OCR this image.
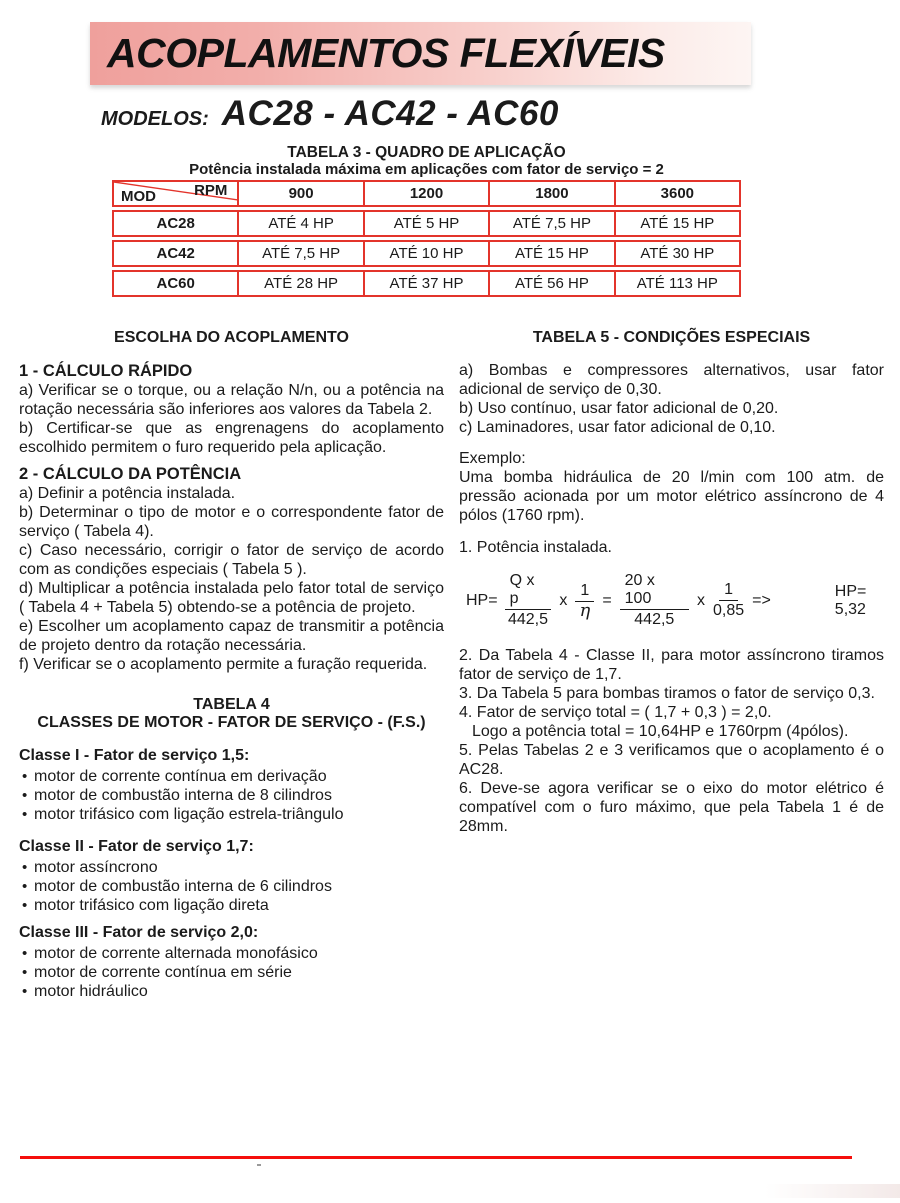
ACOPLAMENTOS FLEXÍVEIS
MODELOS: AC28 - AC42 - AC60
TABELA 3 - QUADRO DE APLICAÇÃO
Potência instalada máxima em aplicações com fator de serviço = 2
RPM
MOD	900	1200	1800	3600
AC28	ATÉ 4 HP	ATÉ 5 HP	ATÉ 7,5 HP	ATÉ 15 HP
AC42	ATÉ 7,5 HP	ATÉ 10 HP	ATÉ 15 HP	ATÉ 30 HP
AC60	ATÉ 28 HP	ATÉ 37 HP	ATÉ 56 HP	ATÉ 113 HP
ESCOLHA DO ACOPLAMENTO
1 - CÁLCULO RÁPIDO
a) Verificar se o torque, ou a relação N/n, ou a potência na rotação necessária são inferiores aos valores da Tabela 2.
b) Certificar-se que as engrenagens do acoplamento escolhido permitem o furo requerido pela aplicação.
2 - CÁLCULO DA POTÊNCIA
a) Definir a potência instalada.
b) Determinar o tipo de motor e o correspondente fator de serviço ( Tabela 4).
c) Caso necessário, corrigir o fator de serviço de acordo com as condições especiais ( Tabela 5 ).
d) Multiplicar a potência instalada pelo fator total de serviço ( Tabela 4 + Tabela 5) obtendo-se a potência de projeto.
e) Escolher um acoplamento capaz de transmitir a potência de projeto dentro da rotação necessária.
f) Verificar se o acoplamento permite a furação requerida.
TABELA 4
CLASSES DE MOTOR - FATOR DE SERVIÇO - (F.S.)
Classe I - Fator de serviço 1,5:
• motor de corrente contínua em derivação
• motor de combustão interna de 8 cilindros
• motor trifásico com ligação estrela-triângulo
Classe II - Fator de serviço 1,7:
• motor assíncrono
• motor de combustão interna de 6 cilindros
• motor trifásico com ligação direta
Classe III - Fator de serviço 2,0:
• motor de corrente alternada monofásico
• motor de corrente contínua em série
• motor hidráulico
TABELA 5 - CONDIÇÕES ESPECIAIS
a) Bombas e compressores alternativos, usar fator adicional de serviço de 0,30.
b) Uso contínuo, usar fator adicional de 0,20.
c) Laminadores, usar fator adicional de 0,10.
Exemplo:
Uma bomba hidráulica de 20 l/min com 100 atm. de pressão acionada por um motor elétrico assíncrono de 4 pólos (1760 rpm).
1. Potência instalada.
$HP= \frac{\text{Q x p}}{442,5}$ x $\frac{1}{\eta} = \frac{20 x 100}{442,5}$ x $\frac{1}{0,85}$ =>
HP= 5,32
2. Da Tabela 4 - Classe II, para motor assíncrono tiramos fator de serviço de 1,7.
3. Da Tabela 5 para bombas tiramos o fator de serviço 0,3.
4. Fator de serviço total = ( 1,7 + 0,3 ) = 2,0.
Logo a potência total = 10,64HP e 1760rpm (4pólos).
5. Pelas Tabelas 2 e 3 verificamos que o acoplamento é o AC28.
6. Deve-se agora verificar se o eixo do motor elétrico é compatível com o furo máximo, que pela Tabela 1 é de 28mm.
